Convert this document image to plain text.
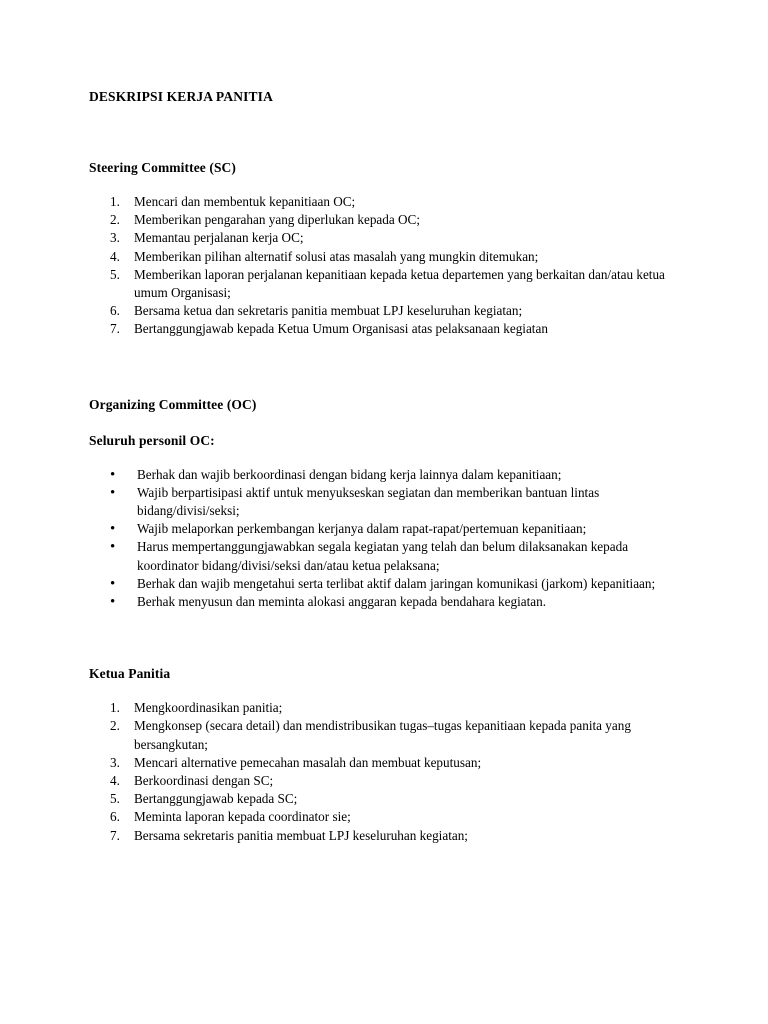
DESKRIPSI KERJA PANITIA
Steering Committee (SC)
1.	Mencari dan membentuk kepanitiaan OC;
2.	Memberikan pengarahan yang diperlukan kepada OC;
3.	Memantau perjalanan kerja OC;
4.	Memberikan pilihan alternatif solusi atas masalah yang mungkin ditemukan;
5.	Memberikan laporan perjalanan kepanitiaan kepada ketua departemen yang berkaitan dan/atau ketua umum Organisasi;
6.	Bersama ketua dan sekretaris panitia membuat LPJ keseluruhan kegiatan;
7.	Bertanggungjawab kepada Ketua Umum Organisasi atas pelaksanaan kegiatan
Organizing Committee (OC)
Seluruh personil OC:
•	Berhak dan wajib berkoordinasi dengan bidang kerja lainnya dalam kepanitiaan;
•	Wajib berpartisipasi aktif untuk menyukseskan segiatan dan memberikan bantuan lintas bidang/divisi/seksi;
•	Wajib melaporkan perkembangan kerjanya dalam rapat-rapat/pertemuan kepanitiaan;
•	Harus mempertanggungjawabkan segala kegiatan yang telah dan belum dilaksanakan kepada koordinator bidang/divisi/seksi dan/atau ketua pelaksana;
•	Berhak dan wajib mengetahui serta terlibat aktif dalam jaringan komunikasi (jarkom) kepanitiaan;
•	Berhak menyusun dan meminta alokasi anggaran kepada bendahara kegiatan.
Ketua Panitia
1.	Mengkoordinasikan panitia;
2.	Mengkonsep (secara detail) dan mendistribusikan tugas–tugas kepanitiaan kepada panita yang bersangkutan;
3.	Mencari alternative pemecahan masalah dan membuat keputusan;
4.	Berkoordinasi dengan SC;
5.	Bertanggungjawab kepada SC;
6.	Meminta laporan kepada coordinator sie;
7.	Bersama sekretaris panitia membuat LPJ keseluruhan kegiatan;
